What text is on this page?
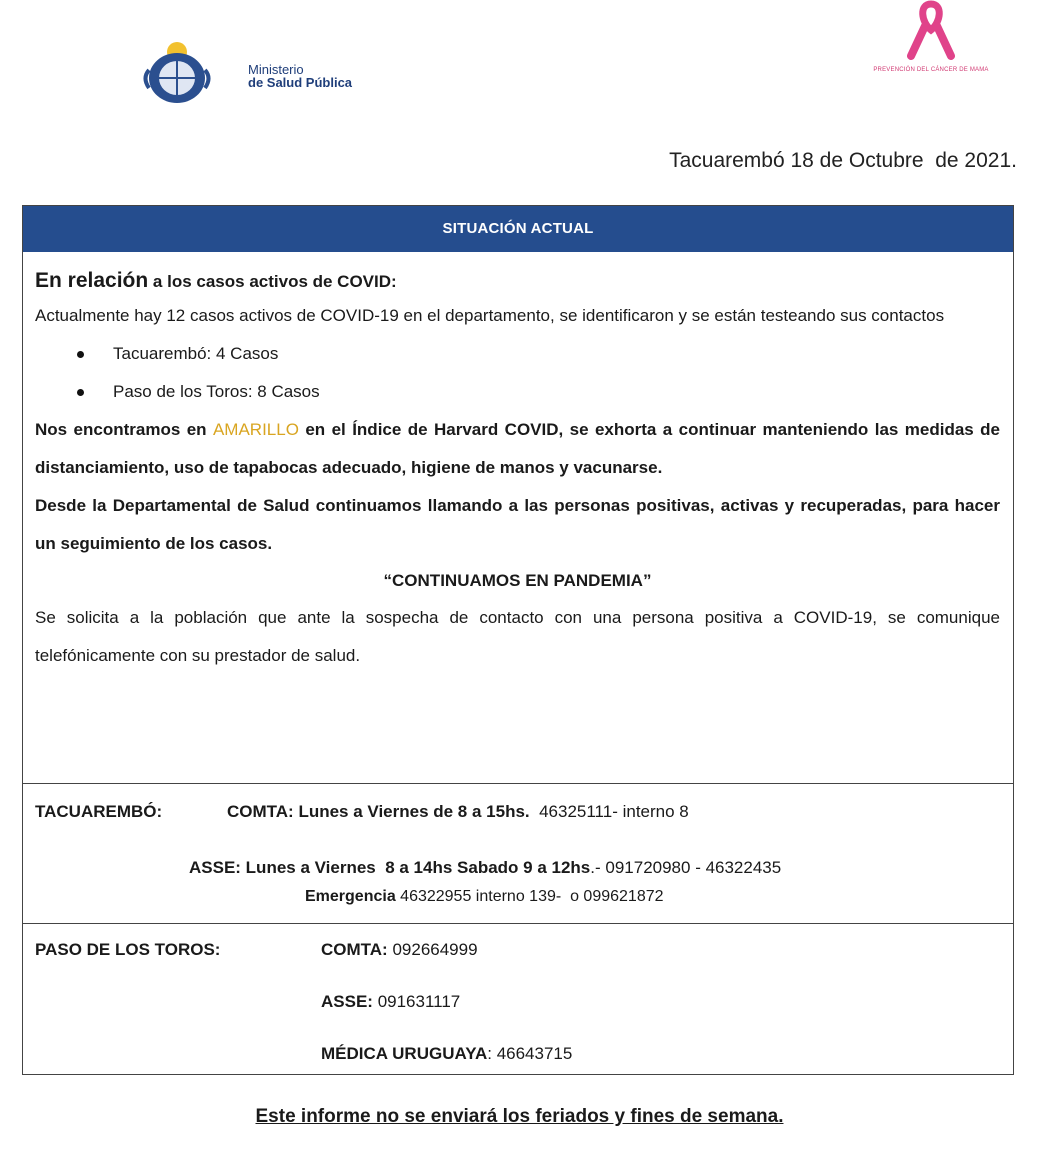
Ministerio
de Salud Pública
PREVENCIÓN DEL CÁNCER DE MAMA
Tacuarembó 18 de Octubre  de 2021.
SITUACIÓN ACTUAL

En relación a los casos activos de COVID:

Actualmente hay 12 casos activos de COVID-19 en el departamento, se identificaron y se están testeando sus contactos

Tacuarembó: 4 Casos
Paso de los Toros: 8 Casos

Nos encontramos en AMARILLO en el Índice de Harvard COVID, se exhorta a continuar manteniendo las medidas de distanciamiento, uso de tapabocas adecuado, higiene de manos y vacunarse.

Desde la Departamental de Salud continuamos llamando a las personas positivas, activas y recuperadas, para hacer un seguimiento de los casos.

“CONTINUAMOS EN PANDEMIA”

Se solicita a la población que ante la sospecha de contacto con una persona positiva a COVID-19, se comunique telefónicamente con su prestador de salud.

TACUAREMBÓ:	COMTA: Lunes a Viernes de 8 a 15hs.  46325111- interno 8
ASSE: Lunes a Viernes  8 a 14hs Sabado 9 a 12hs.- 091720980 - 46322435
Emergencia 46322955 interno 139-  o 099621872
PASO DE LOS TOROS:	COMTA: 092664999
ASSE: 091631117
MÉDICA URUGUAYA: 46643715
Este informe no se enviará los feriados y fines de semana.
